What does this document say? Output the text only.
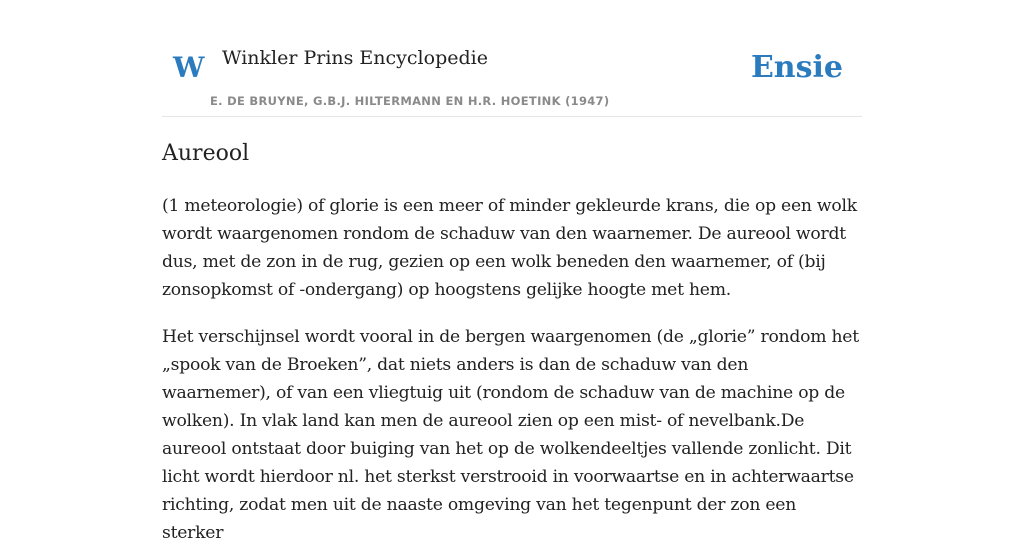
W Winkler Prins Encyclopedie
E. DE BRUYNE, G.B.J. HILTERMANN EN H.R. HOETINK (1947)
Ensie
Aureool

(1 meteorologie) of glorie is een meer of minder gekleurde krans, die op een wolk wordt waargenomen rondom de schaduw van den waarnemer. De aureool wordt dus, met de zon in de rug, gezien op een wolk beneden den waarnemer, of (bij zonsopkomst of -ondergang) op hoogstens gelijke hoogte met hem.

Het verschijnsel wordt vooral in de bergen waargenomen (de „glorie” rondom het „spook van de Broeken”, dat niets anders is dan de schaduw van den waarnemer), of van een vliegtuig uit (rondom de schaduw van de machine op de wolken). In vlak land kan men de aureool zien op een mist- of nevelbank.De aureool ontstaat door buiging van het op de wolkendeeltjes vallende zonlicht. Dit licht wordt hierdoor nl. het sterkst verstrooid in voorwaartse en in achterwaartse richting, zodat men uit de naaste omgeving van het tegenpunt der zon een sterker
